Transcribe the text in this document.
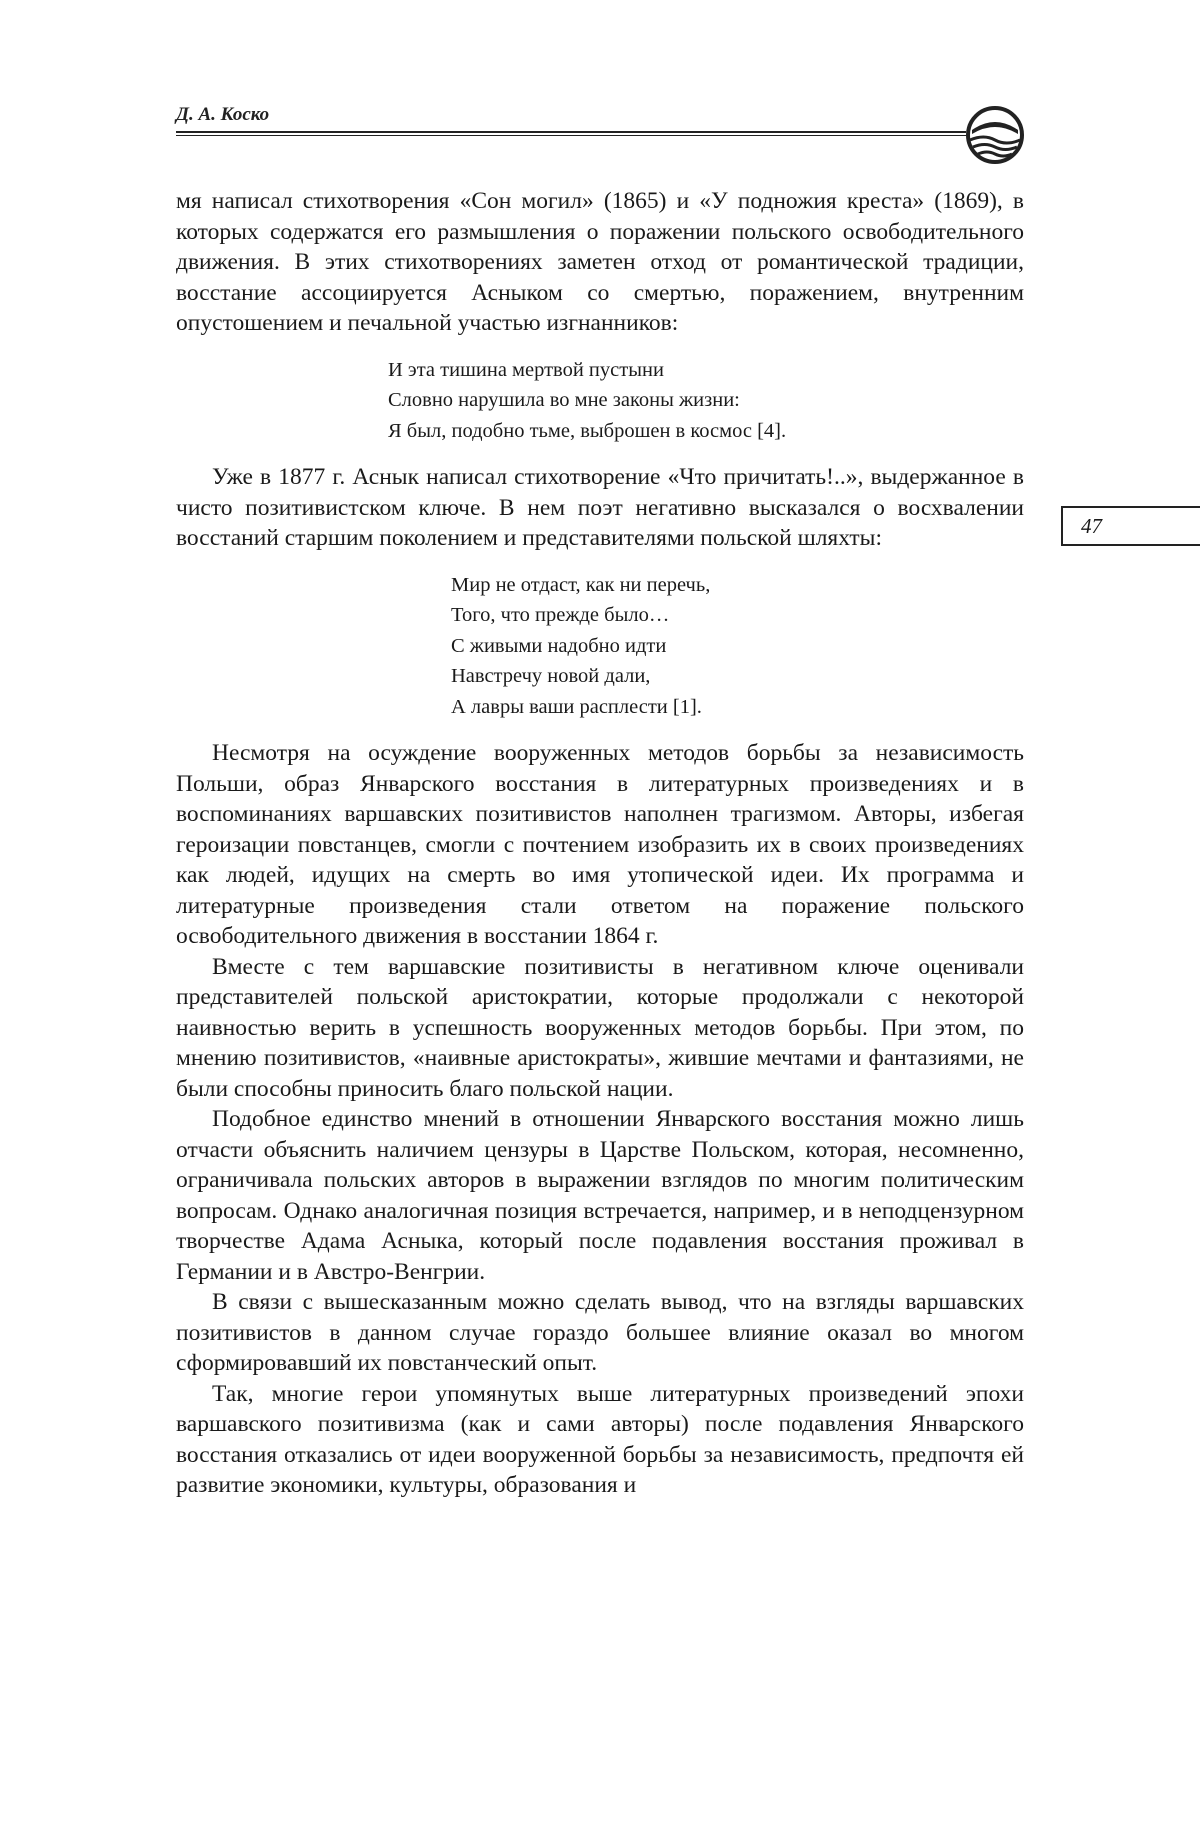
Д. А. Коско
47

мя написал стихотворения «Сон могил» (1865) и «У подножия креста» (1869), в которых содержатся его размышления о поражении польского освободительного движения. В этих стихотворениях заметен отход от романтической традиции, восстание ассоциируется Асныком со смертью, поражением, внутренним опустошением и печальной участью изгнанников:

И эта тишина мертвой пустыни
Словно нарушила во мне законы жизни:
Я был, подобно тьме, выброшен в космос [4].

Уже в 1877 г. Аснык написал стихотворение «Что причитать!..», выдержанное в чисто позитивистском ключе. В нем поэт негативно высказался о восхвалении восстаний старшим поколением и представителями польской шляхты:

Мир не отдаст, как ни перечь,
Того, что прежде было…
С живыми надобно идти
Навстречу новой дали,
А лавры ваши расплести [1].

Несмотря на осуждение вооруженных методов борьбы за независимость Польши, образ Январского восстания в литературных произведениях и в воспоминаниях варшавских позитивистов наполнен трагизмом. Авторы, избегая героизации повстанцев, смогли с почтением изобразить их в своих произведениях как людей, идущих на смерть во имя утопической идеи. Их программа и литературные произведения стали ответом на поражение польского освободительного движения в восстании 1864 г.

Вместе с тем варшавские позитивисты в негативном ключе оценивали представителей польской аристократии, которые продолжали с некоторой наивностью верить в успешность вооруженных методов борьбы. При этом, по мнению позитивистов, «наивные аристократы», жившие мечтами и фантазиями, не были способны приносить благо польской нации.

Подобное единство мнений в отношении Январского восстания можно лишь отчасти объяснить наличием цензуры в Царстве Польском, которая, несомненно, ограничивала польских авторов в выражении взглядов по многим политическим вопросам. Однако аналогичная позиция встречается, например, и в неподцензурном творчестве Адама Асныка, который после подавления восстания проживал в Германии и в Австро-Венгрии.

В связи с вышесказанным можно сделать вывод, что на взгляды варшавских позитивистов в данном случае гораздо большее влияние оказал во многом сформировавший их повстанческий опыт.

Так, многие герои упомянутых выше литературных произведений эпохи варшавского позитивизма (как и сами авторы) после подавления Январского восстания отказались от идеи вооруженной борьбы за независимость, предпочтя ей развитие экономики, культуры, образования и
